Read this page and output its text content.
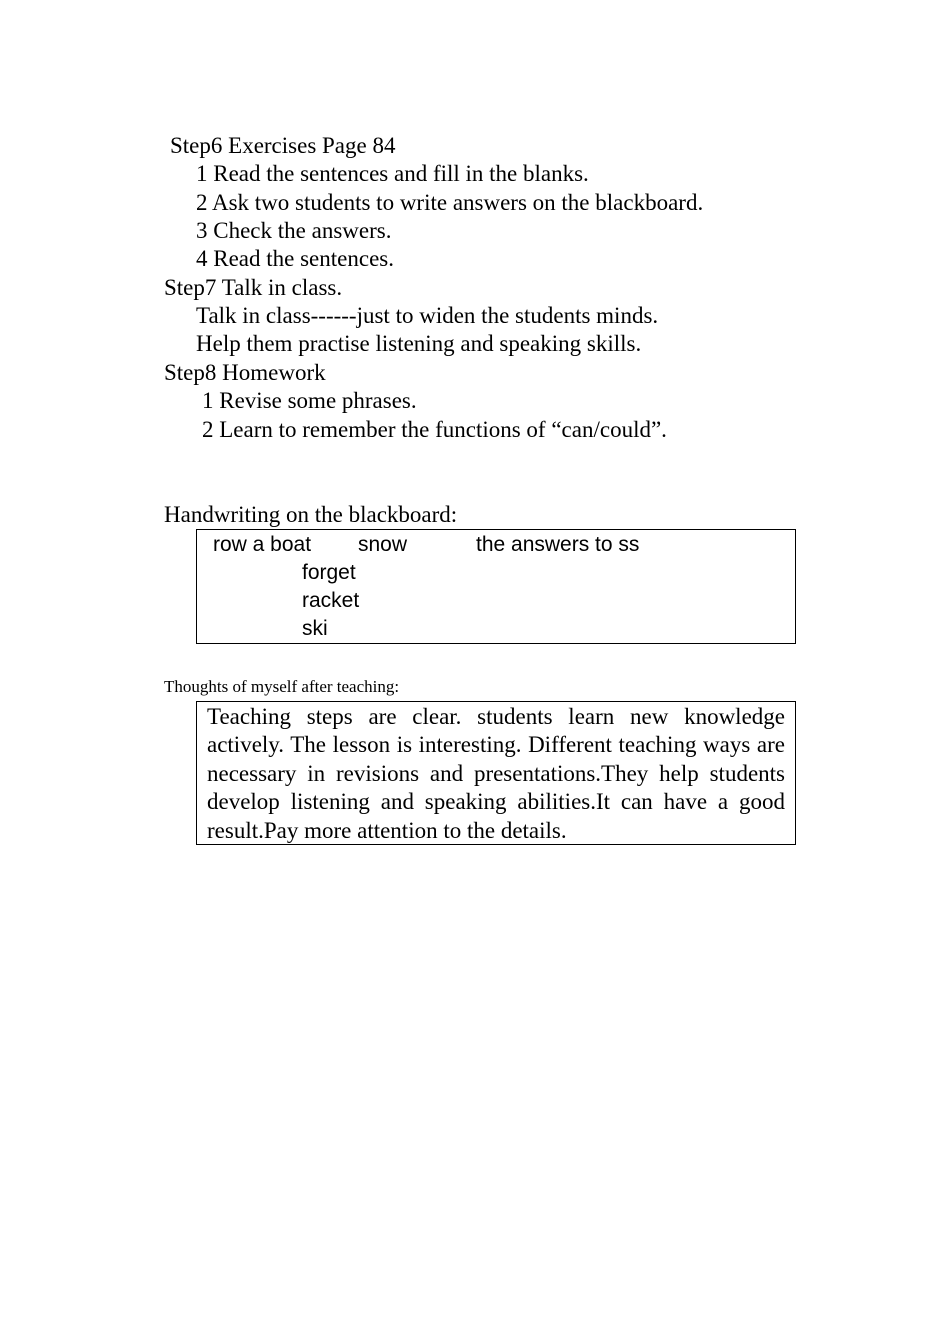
Step6 Exercises Page 84
1 Read the sentences and fill in the blanks.
2 Ask two students to write answers on the blackboard.
3 Check the answers.
4 Read the sentences.
Step7 Talk in class.
Talk in class------just to widen the students minds.
Help them practise listening and speaking skills.
Step8 Homework
1 Revise some phrases.
2 Learn to remember the functions of “can/could”.
Handwriting on the blackboard:
row a boat snow	the answers to ss
forget
racket
ski
Thoughts of myself after teaching:
Teaching steps are clear. students learn new knowledge actively. The lesson is interesting. Different teaching ways are necessary in revisions and presentations.They help students develop listening and speaking abilities.It can have a good result.Pay more attention to the details.
